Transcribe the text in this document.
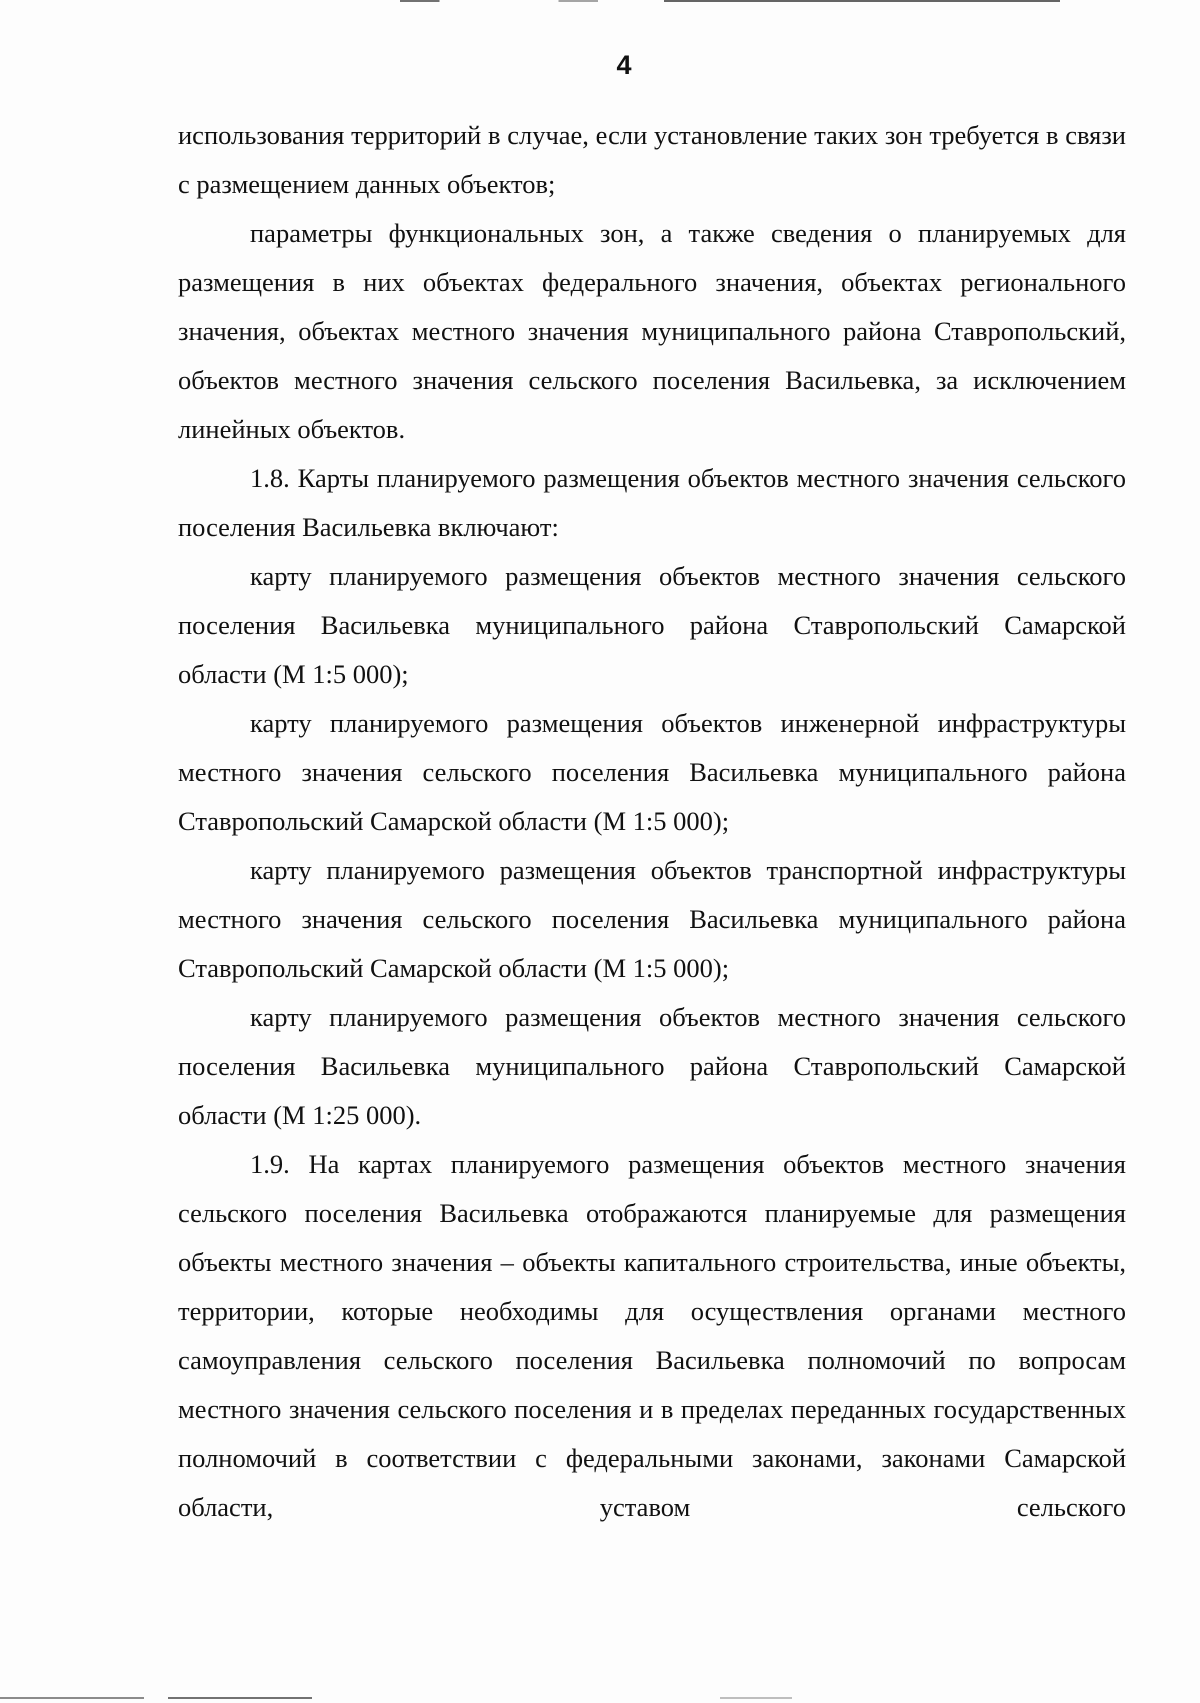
4

использования территорий в случае, если установление таких зон требуется в связи с размещением данных объектов;

параметры функциональных зон, а также сведения о планируемых для размещения в них объектах федерального значения, объектах регионального значения, объектах местного значения муниципального района Ставропольский, объектов местного значения сельского поселения Васильевка, за исключением линейных объектов.

1.8. Карты планируемого размещения объектов местного значения сельского поселения Васильевка включают:

карту планируемого размещения объектов местного значения сельского поселения Васильевка муниципального района Ставропольский Самарской области (М 1:5 000);

карту планируемого размещения объектов инженерной инфраструктуры местного значения сельского поселения Васильевка муниципального района Ставропольский Самарской области (М 1:5 000);

карту планируемого размещения объектов транспортной инфраструктуры местного значения сельского поселения Васильевка муниципального района Ставропольский Самарской области (М 1:5 000);

карту планируемого размещения объектов местного значения сельского поселения Васильевка муниципального района Ставропольский Самарской области (М 1:25 000).

1.9. На картах планируемого размещения объектов местного значения сельского поселения Васильевка отображаются планируемые для размещения объекты местного значения – объекты капитального строительства, иные объекты, территории, которые необходимы для осуществления органами местного самоуправления сельского поселения Васильевка полномочий по вопросам местного значения сельского поселения и в пределах переданных государственных полномочий в соответствии с федеральными законами, законами Самарской области, уставом сельского
